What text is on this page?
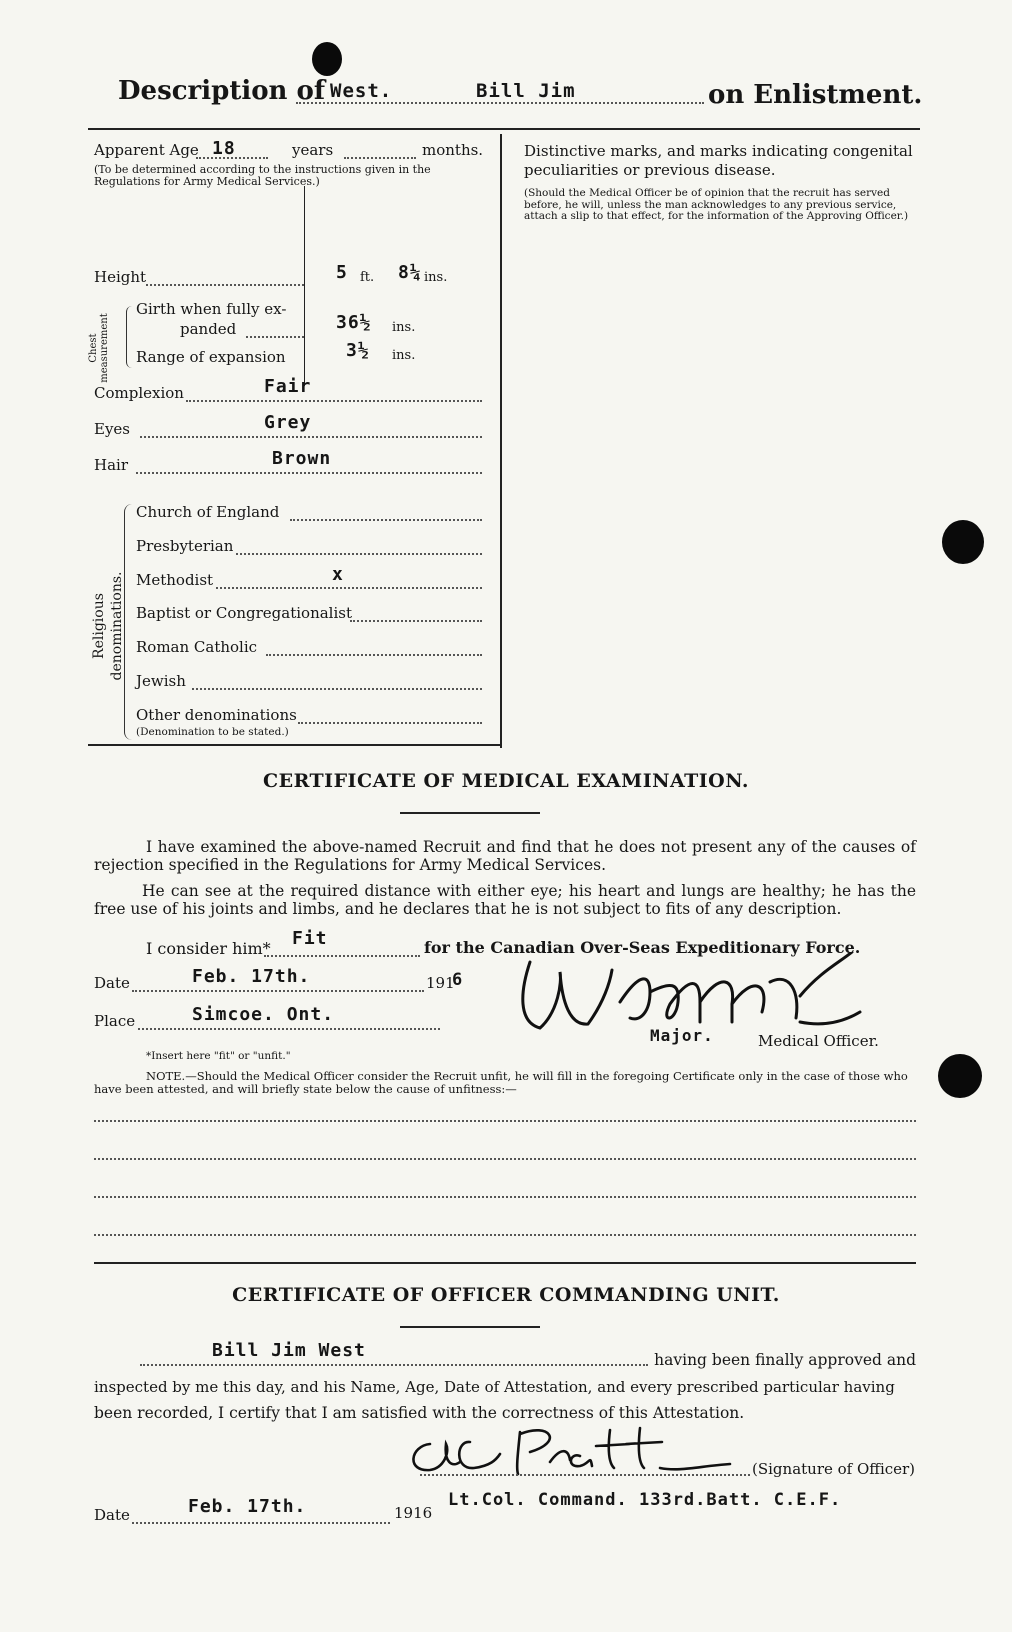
Description of West.	Bill Jim	on Enlistment.
Apparent Age 18	years	months.
(To be determined according to the instructions given in the Regulations for Army Medical Services.)
Height	5 ft. 8¼ ins.
Chest measurement
Girth when fully ex-
panded	36½ ins.
Range of expansion	3½ ins.
Complexion	Fair
Eyes	Grey
Hair	Brown
Religious denominations.
Church of England
Presbyterian
Methodist	x
Baptist or Congregationalist
Roman Catholic
Jewish
Other denominations
(Denomination to be stated.)
Distinctive marks, and marks indicating congenital peculiarities or previous disease.
(Should the Medical Officer be of opinion that the recruit has served before, he will, unless the man acknowledges to any previous service, attach a slip to that effect, for the information of the Approving Officer.)
CERTIFICATE OF MEDICAL EXAMINATION.
I have examined the above-named Recruit and find that he does not present any of the causes of rejection specified in the Regulations for Army Medical Services.
He can see at the required distance with either eye; his heart and lungs are healthy; he has the free use of his joints and limbs, and he declares that he is not subject to fits of any description.
I consider him* Fit	for the Canadian Over-Seas Expeditionary Force.
Date	Feb. 17th.	191
6
Place	Simcoe. Ont.
Major.	Medical Officer.
*Insert here "fit" or "unfit."
NOTE.—Should the Medical Officer consider the Recruit unfit, he will fill in the foregoing Certificate only in the case of those who have been attested, and will briefly state below the cause of unfitness:—
CERTIFICATE OF OFFICER COMMANDING UNIT.
Bill Jim West	having been finally approved and
inspected by me this day, and his Name, Age, Date of Attestation, and every prescribed particular having
been recorded, I certify that I am satisfied with the correctness of this Attestation.
(Signature of Officer)
Lt.Col. Command. 133rd.Batt. C.E.F.
Date	Feb. 17th.	1916
